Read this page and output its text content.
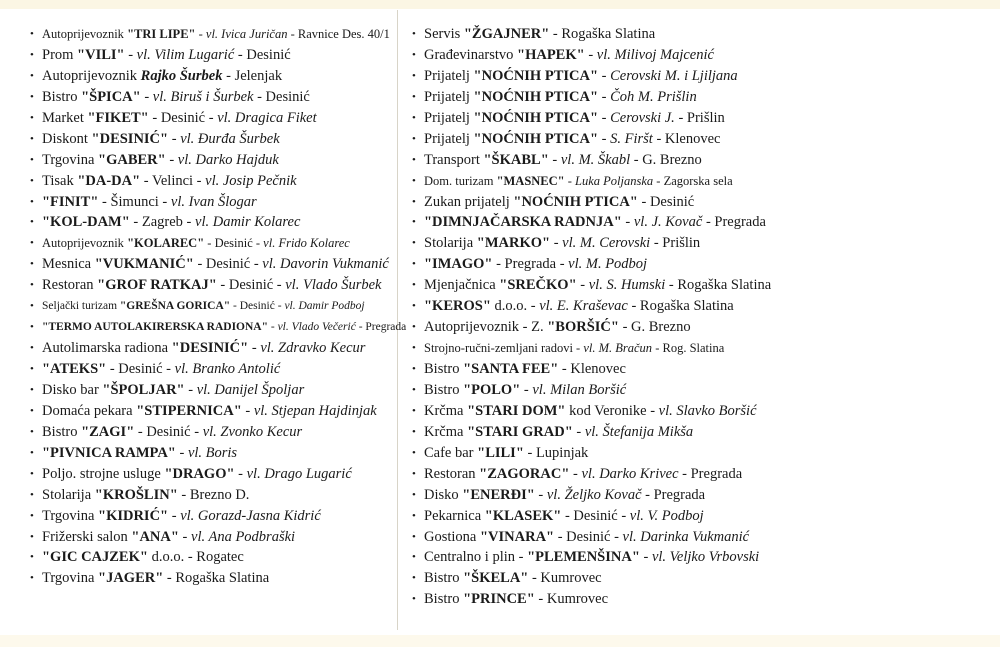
• Autoprijevoznik "TRI LIPE" - vl. Ivica Juričan - Ravnice Des. 40/1
• Prom "VILI" - vl. Vilim Lugarić - Desinić
• Autoprijevoznik Rajko Šurbek - Jelenjak
• Bistro "ŠPICA" - vl. Biruš i Šurbek - Desinić
• Market "FIKET" - Desinić - vl. Dragica Fiket
• Diskont "DESINIĆ" - vl. Đurđa Šurbek
• Trgovina "GABER" - vl. Darko Hajduk
• Tisak "DA-DA" - Velinci - vl. Josip Pečnik
• "FINIT" - Šimunci - vl. Ivan Šlogar
• "KOL-DAM" - Zagreb - vl. Damir Kolarec
• Autoprijevoznik "KOLAREC" - Desinić - vl. Frido Kolarec
• Mesnica "VUKMANIĆ" - Desinić - vl. Davorin Vukmanić
• Restoran "GROF RATKAJ" - Desinić - vl. Vlado Šurbek
• Seljački turizam "GREŠNA GORICA" - Desinić - vl. Damir Podboj
• "TERMO AUTOLAKIRERSKA RADIONA" - vl. Vlado Večerić - Pregrada
• Autolimarska radiona "DESINIĆ" - vl. Zdravko Kecur
• "ATEKS" - Desinić - vl. Branko Antolić
• Disko bar "ŠPOLJAR" - vl. Danijel Špoljar
• Domaća pekara "STIPERNICA" - vl. Stjepan Hajdinjak
• Bistro "ZAGI" - Desinić - vl. Zvonko Kecur
• "PIVNICA RAMPA" - vl. Boris
• Poljo. strojne usluge "DRAGO" - vl. Drago Lugarić
• Stolarija "KROŠLIN" - Brezno D.
• Trgovina "KIDRIĆ" - vl. Gorazd-Jasna Kidrić
• Frižerski salon "ANA" - vl. Ana Podbraški
• "GIC CAJZEK" d.o.o. - Rogatec
• Trgovina "JAGER" - Rogaška Slatina
• Servis "ŽGAJNER" - Rogaška Slatina
• Građevinarstvo "HAPEK" - vl. Milivoj Majcenić
• Prijatelj "NOĆNIH PTICA" - Cerovski M. i Ljiljana
• Prijatelj "NOĆNIH PTICA" - Čoh M. Prišlin
• Prijatelj "NOĆNIH PTICA" - Cerovski J. - Prišlin
• Prijatelj "NOĆNIH PTICA" - S. Firšt - Klenovec
• Transport "ŠKABL" - vl. M. Škabl - G. Brezno
• Dom. turizam "MASNEC" - Luka Poljanska - Zagorska sela
• Zukan prijatelj "NOĆNIH PTICA" - Desinić
• "DIMNJAČARSKA RADNJA" - vl. J. Kovač - Pregrada
• Stolarija "MARKO" - vl. M. Cerovski - Prišlin
• "IMAGO" - Pregrada - vl. M. Podboj
• Mjenjačnica "SREČKO" - vl. S. Humski - Rogaška Slatina
• "KEROS" d.o.o. - vl. E. Kraševac - Rogaška Slatina
• Autoprijevoznik - Z. "BORŠIĆ" - G. Brezno
• Strojno-ručni-zemljani radovi - vl. M. Bračun - Rog. Slatina
• Bistro "SANTA FEE" - Klenovec
• Bistro "POLO" - vl. Milan Boršić
• Krčma "STARI DOM" kod Veronike - vl. Slavko Boršić
• Krčma "STARI GRAD" - vl. Štefanija Mikša
• Cafe bar "LILI" - Lupinjak
• Restoran "ZAGORAC" - vl. Darko Krivec - Pregrada
• Disko "ENERĐI" - vl. Željko Kovač - Pregrada
• Pekarnica "KLASEK" - Desinić - vl. V. Podboj
• Gostiona "VINARA" - Desinić - vl. Darinka Vukmanić
• Centralno i plin - "PLEMENŠINA" - vl. Veljko Vrbovski
• Bistro "ŠKELA" - Kumrovec
• Bistro "PRINCE" - Kumrovec
